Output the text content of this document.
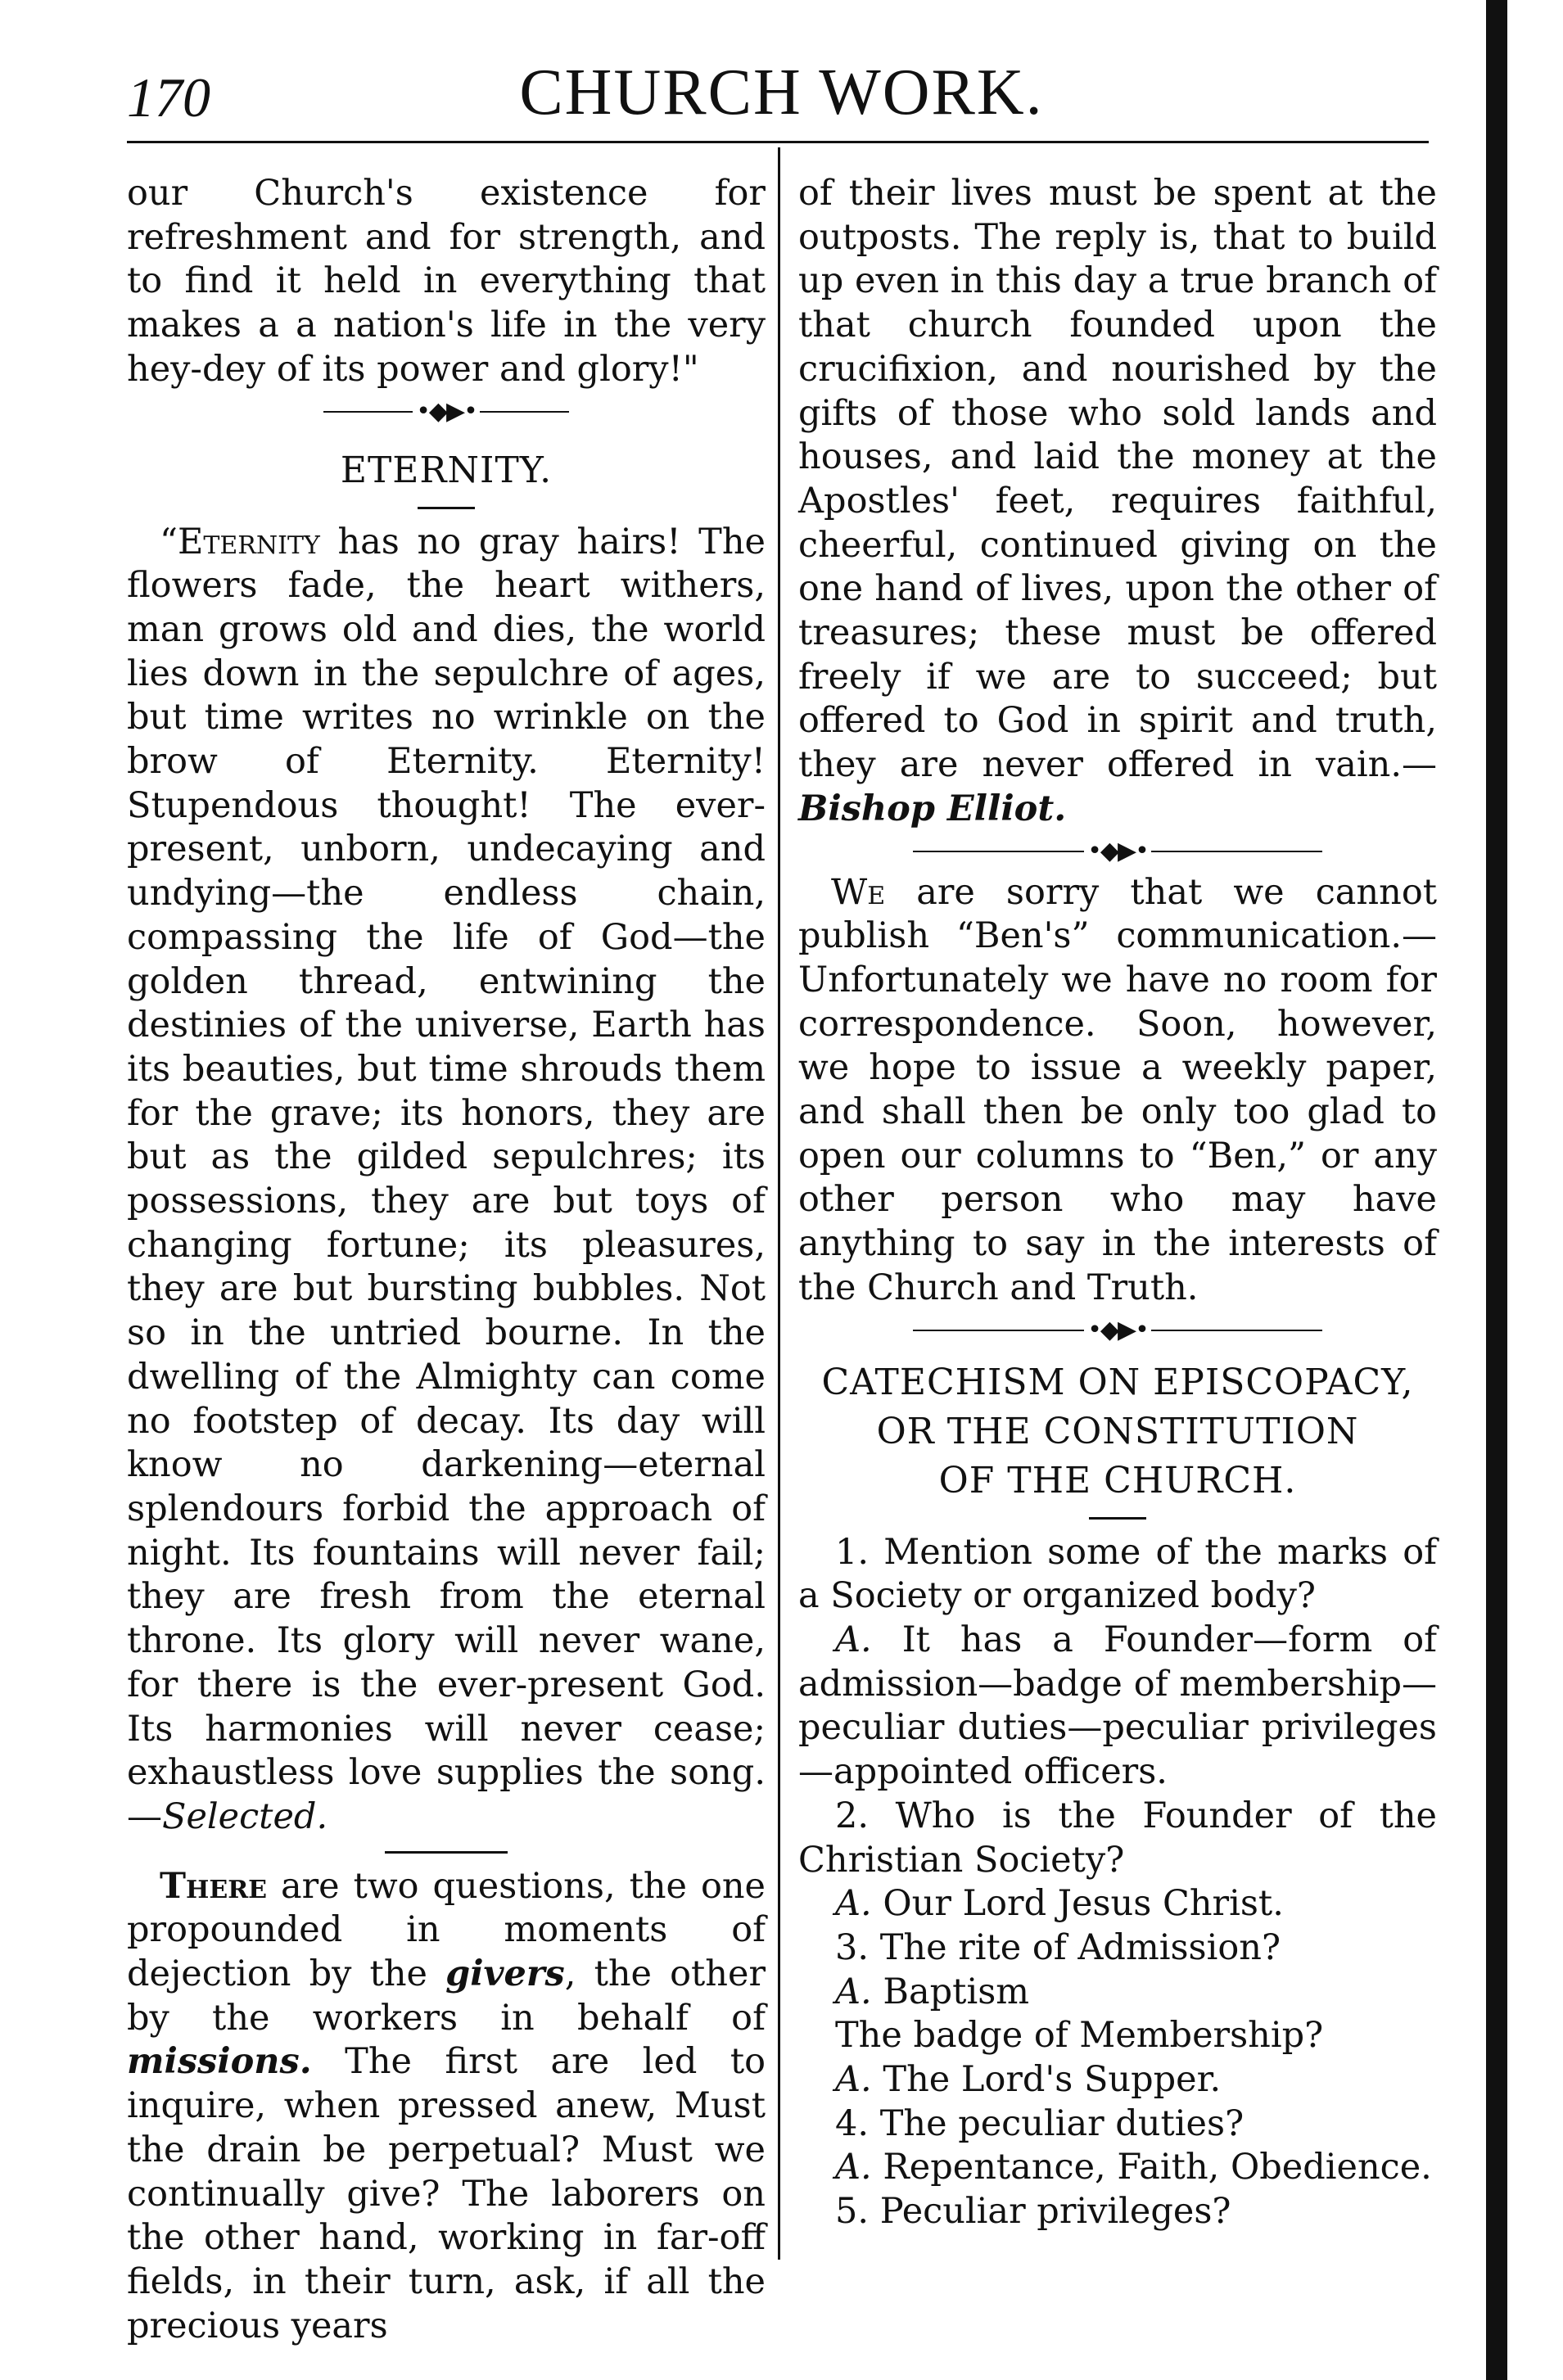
170	CHURCH WORK.

our Church's existence for refreshment and for strength, and to find it held in everything that makes a a nation's life in the very hey-dey of its power and glory!"

•◆▶•
ETERNITY.

“Eternity has no gray hairs! The flowers fade, the heart withers, man grows old and dies, the world lies down in the sepulchre of ages, but time writes no wrinkle on the brow of Eternity. Eternity! Stupendous thought! The ever-present, unborn, undecaying and undying—the endless chain, compassing the life of God—the golden thread, entwining the destinies of the universe, Earth has its beauties, but time shrouds them for the grave; its honors, they are but as the gilded sepulchres; its possessions, they are but toys of changing fortune; its pleasures, they are but bursting bubbles. Not so in the untried bourne. In the dwelling of the Almighty can come no footstep of decay. Its day will know no darkening—eternal splendours forbid the approach of night. Its fountains will never fail; they are fresh from the eternal throne. Its glory will never wane, for there is the ever-present God. Its harmonies will never cease; exhaustless love supplies the song.—Selected.

There are two questions, the one propounded in moments of dejection by the givers, the other by the workers in behalf of missions. The first are led to inquire, when pressed anew, Must the drain be perpetual? Must we continually give? The laborers on the other hand, working in far-off fields, in their turn, ask, if all the precious years

of their lives must be spent at the outposts. The reply is, that to build up even in this day a true branch of that church founded upon the crucifixion, and nourished by the gifts of those who sold lands and houses, and laid the money at the Apostles' feet, requires faithful, cheerful, continued giving on the one hand of lives, upon the other of treasures; these must be offered freely if we are to succeed; but offered to God in spirit and truth, they are never offered in vain.—Bishop Elliot.

•◆▶•

We are sorry that we cannot publish “Ben's” communication.—Unfortunately we have no room for correspondence. Soon, however, we hope to issue a weekly paper, and shall then be only too glad to open our columns to “Ben,” or any other person who may have anything to say in the interests of the Church and Truth.

•◆▶•
CATECHISM ON EPISCOPACY,
OR THE CONSTITUTION
OF THE CHURCH.

1. Mention some of the marks of a Society or organized body?

A. It has a Founder—form of admission—badge of membership—peculiar duties—peculiar privileges—appointed officers.

2. Who is the Founder of the Christian Society?

A. Our Lord Jesus Christ.

3. The rite of Admission?

A. Baptism

The badge of Membership?

A. The Lord's Supper.

4. The peculiar duties?

A. Repentance, Faith, Obedience.

5. Peculiar privileges?
